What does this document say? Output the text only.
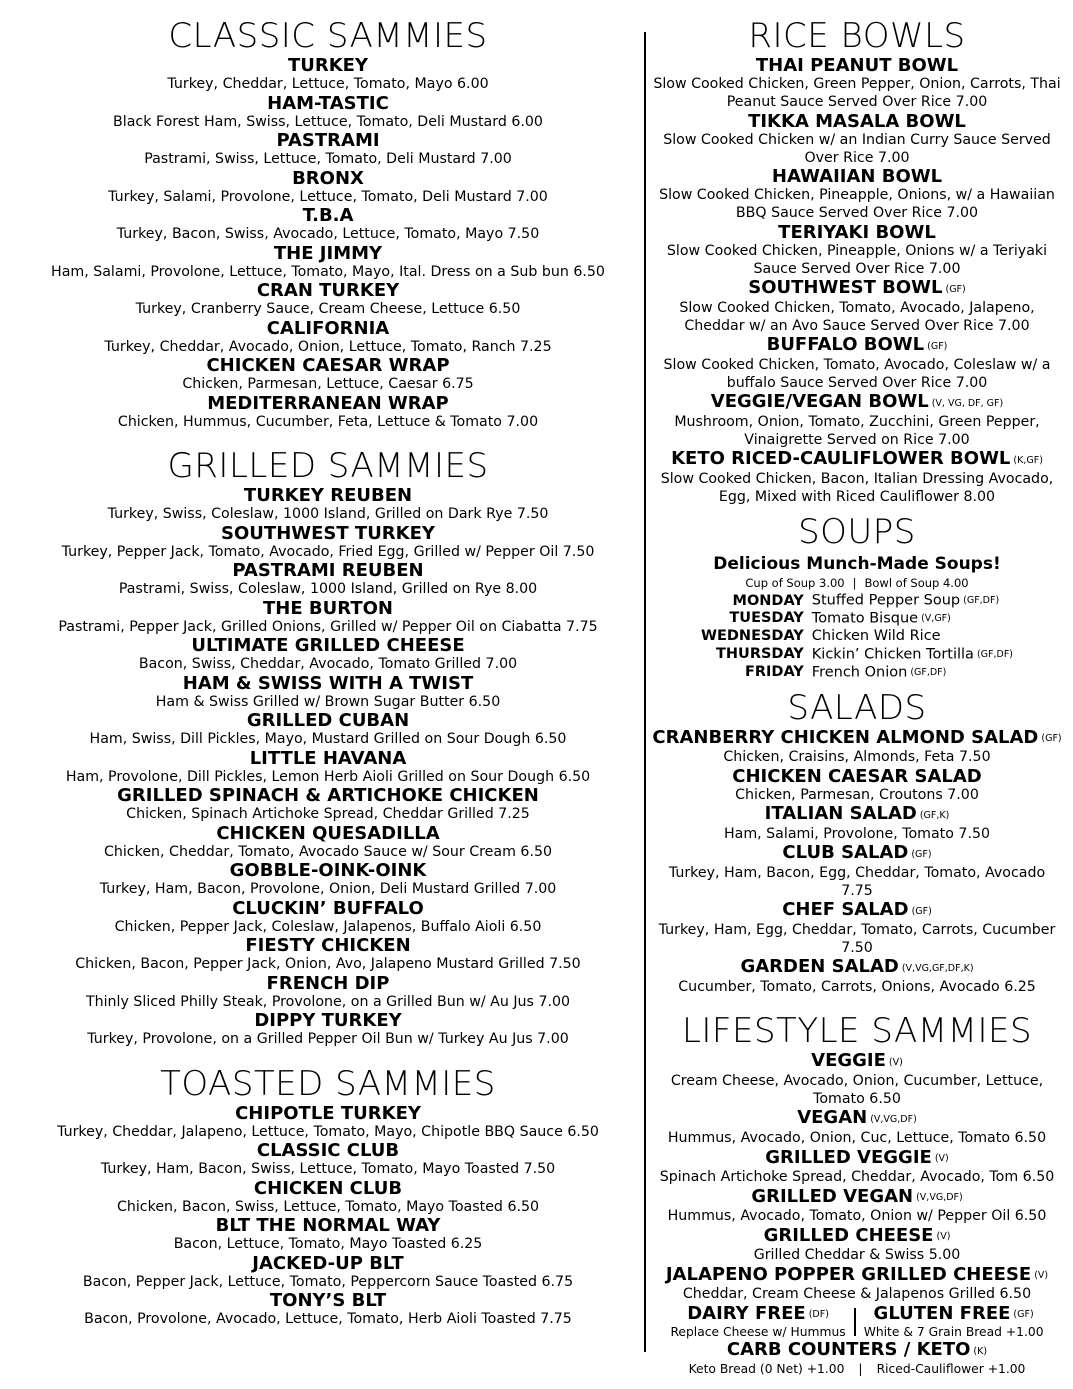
CLASSIC SAMMIES
TURKEY
Turkey, Cheddar, Lettuce, Tomato, Mayo 6.00
HAM-TASTIC
Black Forest Ham, Swiss, Lettuce, Tomato, Deli Mustard 6.00
PASTRAMI
Pastrami, Swiss, Lettuce, Tomato, Deli Mustard 7.00
BRONX
Turkey, Salami, Provolone, Lettuce, Tomato, Deli Mustard 7.00
T.B.A
Turkey, Bacon, Swiss, Avocado, Lettuce, Tomato, Mayo 7.50
THE JIMMY
Ham, Salami, Provolone, Lettuce, Tomato, Mayo, Ital. Dress on a Sub bun 6.50
CRAN TURKEY
Turkey, Cranberry Sauce, Cream Cheese, Lettuce 6.50
CALIFORNIA
Turkey, Cheddar, Avocado, Onion, Lettuce, Tomato, Ranch 7.25
CHICKEN CAESAR WRAP
Chicken, Parmesan, Lettuce, Caesar 6.75
MEDITERRANEAN WRAP
Chicken, Hummus, Cucumber, Feta, Lettuce & Tomato 7.00
GRILLED SAMMIES
TURKEY REUBEN
Turkey, Swiss, Coleslaw, 1000 Island, Grilled on Dark Rye 7.50
SOUTHWEST TURKEY
Turkey, Pepper Jack, Tomato, Avocado, Fried Egg, Grilled w/ Pepper Oil 7.50
PASTRAMI REUBEN
Pastrami, Swiss, Coleslaw, 1000 Island, Grilled on Rye 8.00
THE BURTON
Pastrami, Pepper Jack, Grilled Onions, Grilled w/ Pepper Oil on Ciabatta 7.75
ULTIMATE GRILLED CHEESE
Bacon, Swiss, Cheddar, Avocado, Tomato Grilled 7.00
HAM & SWISS WITH A TWIST
Ham & Swiss Grilled w/ Brown Sugar Butter 6.50
GRILLED CUBAN
Ham, Swiss, Dill Pickles, Mayo, Mustard Grilled on Sour Dough 6.50
LITTLE HAVANA
Ham, Provolone, Dill Pickles, Lemon Herb Aioli Grilled on Sour Dough 6.50
GRILLED SPINACH & ARTICHOKE CHICKEN
Chicken, Spinach Artichoke Spread, Cheddar Grilled 7.25
CHICKEN QUESADILLA
Chicken, Cheddar, Tomato, Avocado Sauce w/ Sour Cream 6.50
GOBBLE-OINK-OINK
Turkey, Ham, Bacon, Provolone, Onion, Deli Mustard Grilled 7.00
CLUCKIN’ BUFFALO
Chicken, Pepper Jack, Coleslaw, Jalapenos, Buffalo Aioli 6.50
FIESTY CHICKEN
Chicken, Bacon, Pepper Jack, Onion, Avo, Jalapeno Mustard Grilled 7.50
FRENCH DIP
Thinly Sliced Philly Steak, Provolone, on a Grilled Bun w/ Au Jus 7.00
DIPPY TURKEY
Turkey, Provolone, on a Grilled Pepper Oil Bun w/ Turkey Au Jus 7.00
TOASTED SAMMIES
CHIPOTLE TURKEY
Turkey, Cheddar, Jalapeno, Lettuce, Tomato, Mayo, Chipotle BBQ Sauce 6.50
CLASSIC CLUB
Turkey, Ham, Bacon, Swiss, Lettuce, Tomato, Mayo Toasted 7.50
CHICKEN CLUB
Chicken, Bacon, Swiss, Lettuce, Tomato, Mayo Toasted 6.50
BLT THE NORMAL WAY
Bacon, Lettuce, Tomato, Mayo Toasted 6.25
JACKED-UP BLT
Bacon, Pepper Jack, Lettuce, Tomato, Peppercorn Sauce Toasted 6.75
TONY’S BLT
Bacon, Provolone, Avocado, Lettuce, Tomato, Herb Aioli Toasted 7.75
RICE BOWLS
THAI PEANUT BOWL
Slow Cooked Chicken, Green Pepper, Onion, Carrots, Thai Peanut Sauce Served Over Rice 7.00
TIKKA MASALA BOWL
Slow Cooked Chicken w/ an Indian Curry Sauce Served Over Rice 7.00
HAWAIIAN BOWL
Slow Cooked Chicken, Pineapple, Onions, w/ a Hawaiian BBQ Sauce Served Over Rice 7.00
TERIYAKI BOWL
Slow Cooked Chicken, Pineapple, Onions w/ a Teriyaki Sauce Served Over Rice 7.00
SOUTHWEST BOWL (GF)
Slow Cooked Chicken, Tomato, Avocado, Jalapeno, Cheddar w/ an Avo Sauce Served Over Rice 7.00
BUFFALO BOWL (GF)
Slow Cooked Chicken, Tomato, Avocado, Coleslaw w/ a buffalo Sauce Served Over Rice 7.00
VEGGIE/VEGAN BOWL (V, VG, DF, GF)
Mushroom, Onion, Tomato, Zucchini, Green Pepper, Vinaigrette Served on Rice 7.00
KETO RICED-CAULIFLOWER BOWL (K,GF)
Slow Cooked Chicken, Bacon, Italian Dressing Avocado, Egg, Mixed with Riced Cauliflower 8.00
SOUPS
Delicious Munch-Made Soups!
Cup of Soup 3.00 | Bowl of Soup 4.00
MONDAY	Stuffed Pepper Soup (GF,DF)
TUESDAY	Tomato Bisque (V,GF)
WEDNESDAY	Chicken Wild Rice
THURSDAY	Kickin’ Chicken Tortilla (GF,DF)
FRIDAY	French Onion (GF,DF)
SALADS
CRANBERRY CHICKEN ALMOND SALAD (GF)
Chicken, Craisins, Almonds, Feta 7.50
CHICKEN CAESAR SALAD
Chicken, Parmesan, Croutons 7.00
ITALIAN SALAD (GF,K)
Ham, Salami, Provolone, Tomato 7.50
CLUB SALAD (GF)
Turkey, Ham, Bacon, Egg, Cheddar, Tomato, Avocado 7.75
CHEF SALAD (GF)
Turkey, Ham, Egg, Cheddar, Tomato, Carrots, Cucumber 7.50
GARDEN SALAD (V,VG,GF,DF,K)
Cucumber, Tomato, Carrots, Onions, Avocado 6.25
LIFESTYLE SAMMIES
VEGGIE (V)
Cream Cheese, Avocado, Onion, Cucumber, Lettuce, Tomato 6.50
VEGAN (V,VG,DF)
Hummus, Avocado, Onion, Cuc, Lettuce, Tomato 6.50
GRILLED VEGGIE (V)
Spinach Artichoke Spread, Cheddar, Avocado, Tom 6.50
GRILLED VEGAN (V,VG,DF)
Hummus, Avocado, Tomato, Onion w/ Pepper Oil 6.50
GRILLED CHEESE (V)
Grilled Cheddar & Swiss 5.00
JALAPENO POPPER GRILLED CHEESE (V)
Cheddar, Cream Cheese & Jalapenos Grilled 6.50
DAIRY FREE (DF)
Replace Cheese w/ Hummus
GLUTEN FREE (GF)
White & 7 Grain Bread +1.00
CARB COUNTERS / KETO (K)
Keto Bread (0 Net) +1.00 | Riced-Cauliflower +1.00
